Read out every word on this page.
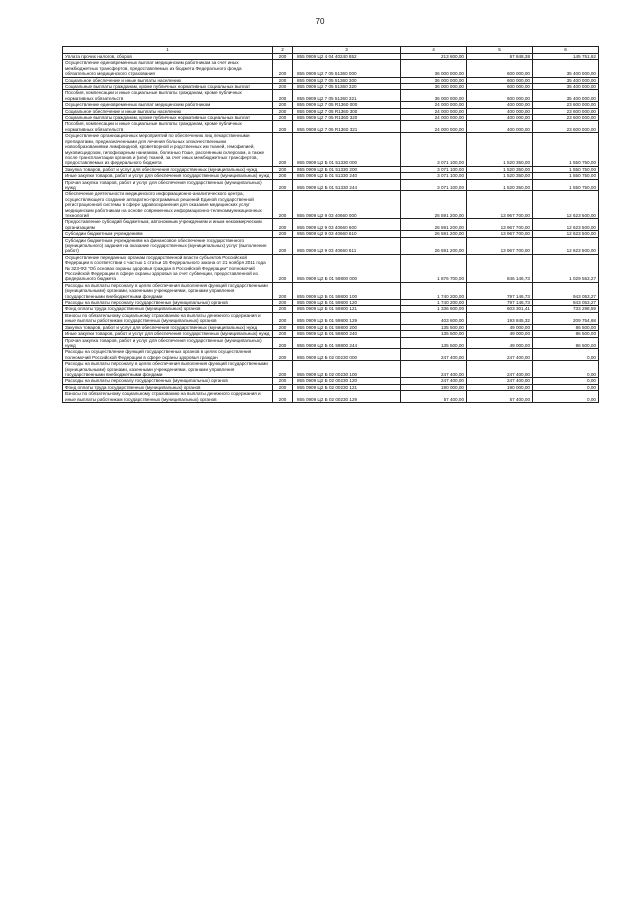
70
1	2	3	4	5	6
Уплата прочих налогов, сборов	200	855 0909 Ц2 4 04 40240 852	213 600,00	67 848,38	145 751,62
Осуществление единовременных выплат медицинским работникам за счет иных межбюджетных трансфертов, предоставляемых из бюджета Федерального фонда обязательного медицинского страхования	200	855 0909 Ц2 7 05 51360 000	36 000 000,00	600 000,00	35 400 000,00
Социальное обеспечение и иные выплаты населению	200	855 0909 Ц2 7 05 51360 300	36 000 000,00	600 000,00	35 400 000,00
Социальные выплаты гражданам, кроме публичных нормативных социальных выплат	200	855 0909 Ц2 7 05 51360 320	36 000 000,00	600 000,00	35 400 000,00
Пособия, компенсации и иные социальные выплаты гражданам, кроме публичных нормативных обязательств	200	855 0909 Ц2 7 05 51360 321	36 000 000,00	600 000,00	35 400 000,00
Осуществление единовременных выплат медицинским работникам	200	855 0909 Ц2 7 05 R1360 000	24 000 000,00	400 000,00	23 600 000,00
Социальное обеспечение и иные выплаты населению	200	855 0909 Ц2 7 05 R1360 300	24 000 000,00	400 000,00	23 600 000,00
Социальные выплаты гражданам, кроме публичных нормативных социальных выплат	200	855 0909 Ц2 7 05 R1360 320	24 000 000,00	400 000,00	23 600 000,00
Пособия, компенсации и иные социальные выплаты гражданам, кроме публичных нормативных обязательств	200	855 0909 Ц2 7 05 R1360 321	24 000 000,00	400 000,00	23 600 000,00
Осуществление организационных мероприятий по обеспечению лиц лекарственными препаратами, предназначенными для лечения больных злокачественными новообразованиями лимфоидной, кроветворной и родственных им тканей, гемофилией, муковисцидозом, гипофизарным нанизмом, болезнью Гоше, рассеянным склерозом, а также после трансплантации органов и (или) тканей, за счет иных межбюджетных трансфертов, предоставляемых из федерального бюджета	200	855 0909 Ц2 Б 01 51330 000	3 071 100,00	1 520 350,00	1 550 750,00
Закупка товаров, работ и услуг для обеспечения государственных (муниципальных) нужд	200	855 0909 Ц2 Б 01 51330 200	3 071 100,00	1 520 350,00	1 550 750,00
Иные закупки товаров, работ и услуг для обеспечения государственных (муниципальных) нужд	200	855 0909 Ц2 Б 01 51330 240	3 071 100,00	1 520 350,00	1 550 750,00
Прочая закупка товаров, работ и услуг для обеспечения государственных (муниципальных) нужд	200	855 0909 Ц2 Б 01 51330 244	3 071 100,00	1 520 350,00	1 550 750,00
Обеспечение деятельности медицинского информационно-аналитического центра, осуществляющего создание аппаратно-программных решений Единой государственной регистрационной системы в сфере здравоохранения для оказания медицинских услуг медицинским работникам на основе современных информационно-телекоммуникационных технологий	200	855 0909 Ц2 9 03 40660 000	26 591 200,00	13 967 700,00	12 623 500,00
Предоставление субсидий бюджетным, автономным учреждениям и иным некоммерческим организациям	200	855 0909 Ц2 9 03 40660 600	26 591 200,00	13 967 700,00	12 623 500,00
Субсидии бюджетным учреждениям	200	855 0909 Ц2 9 03 40660 610	26 591 200,00	13 967 700,00	12 623 500,00
Субсидии бюджетным учреждениям на финансовое обеспечение государственного (муниципального) задания на оказание государственных (муниципальных) услуг (выполнение работ)	200	855 0909 Ц2 9 03 40660 611	26 591 200,00	13 967 700,00	12 623 500,00
Осуществление переданных органам государственной власти субъектов Российской Федерации в соответствии с частью 1 статьи 15 Федерального закона от 21 ноября 2011 года № 323-ФЗ "Об основах охраны здоровья граждан в Российской Федерации" полномочий Российской Федерации в сфере охраны здоровья за счет субвенции, предоставленной из федерального бюджета	200	855 0909 Ц2 Б 01 59800 000	1 876 700,00	846 146,73	1 029 553,27
Расходы на выплаты персоналу в целях обеспечения выполнения функций государственными (муниципальными) органами, казенными учреждениями, органами управления государственными внебюджетными фондами	200	855 0909 Ц2 Б 01 59800 100	1 740 200,00	797 146,73	943 053,27
Расходы на выплаты персоналу государственных (муниципальных) органов	200	855 0909 Ц2 Б 01 59800 120	1 740 200,00	797 146,73	943 053,27
Фонд оплаты труда государственных (муниципальных) органов	200	855 0909 Ц2 Б 01 59800 121	1 336 600,00	603 301,41	733 298,59
Взносы по обязательному социальному страхованию на выплаты денежного содержания и иные выплаты работникам государственных (муниципальных) органов	200	855 0909 Ц2 Б 01 59800 129	403 600,00	193 845,32	209 754,68
Закупка товаров, работ и услуг для обеспечения государственных (муниципальных) нужд	200	855 0909 Ц2 Б 01 59800 200	135 500,00	49 000,00	86 500,00
Иные закупки товаров, работ и услуг для обеспечения государственных (муниципальных) нужд	200	855 0909 Ц2 Б 01 59800 240	135 500,00	49 000,00	86 500,00
Прочая закупка товаров, работ и услуг для обеспечения государственных (муниципальных) нужд	200	855 0909 Ц2 Б 01 59800 244	135 500,00	49 000,00	86 500,00
Расходы на осуществление функций государственных органов в целях осуществления полномочий Российской Федерации в сфере охраны здоровья граждан	200	855 0909 Ц2 Б 02 00230 000	247 400,00	247 400,00	0,00
Расходы на выплаты персоналу в целях обеспечения выполнения функций государственными (муниципальными) органами, казенными учреждениями, органами управления государственными внебюджетными фондами	200	855 0909 Ц2 Б 02 00230 100	247 400,00	247 400,00	0,00
Расходы на выплаты персоналу государственных (муниципальных) органов	200	855 0909 Ц2 Б 02 00230 120	247 400,00	247 400,00	0,00
Фонд оплаты труда государственных (муниципальных) органов	200	855 0909 Ц2 Б 02 00230 121	190 000,00	190 000,00	0,00
Взносы по обязательному социальному страхованию на выплаты денежного содержания и иные выплаты работникам государственных (муниципальных) органов	200	855 0909 Ц2 Б 02 00230 129	57 400,00	57 400,00	0,00
